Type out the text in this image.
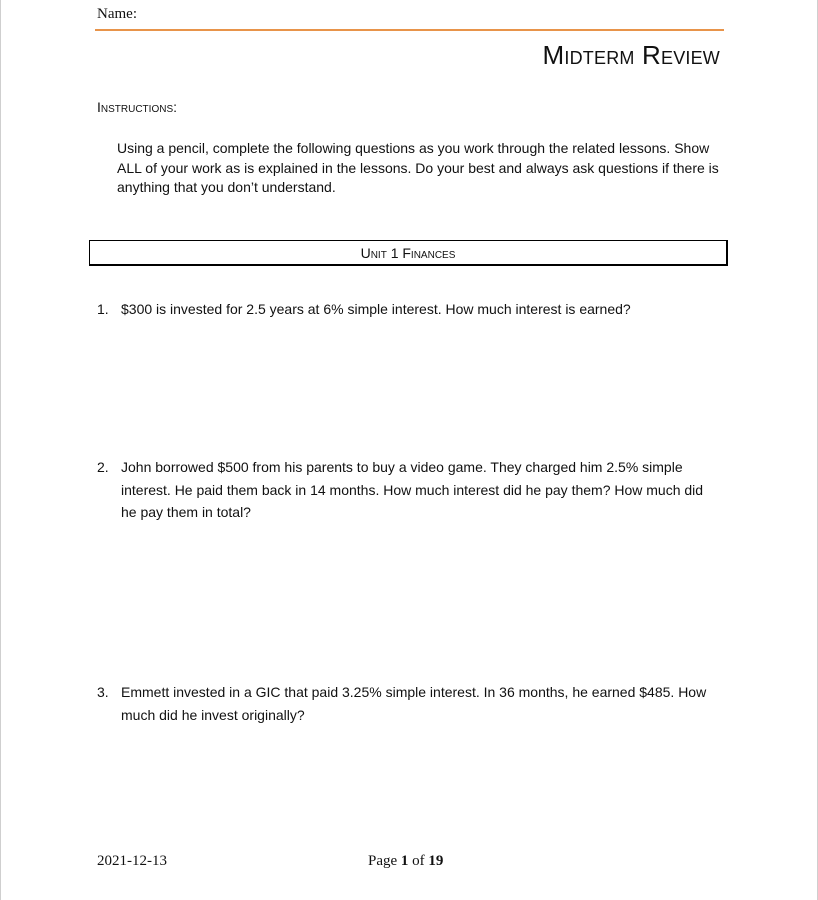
Name:
Midterm Review
Instructions:
Using a pencil, complete the following questions as you work through the related lessons. Show ALL of your work as is explained in the lessons. Do your best and always ask questions if there is anything that you don’t understand.
Unit 1 Finances
1. $300 is invested for 2.5 years at 6% simple interest. How much interest is earned?
2. John borrowed $500 from his parents to buy a video game. They charged him 2.5% simple interest. He paid them back in 14 months. How much interest did he pay them? How much did he pay them in total?
3. Emmett invested in a GIC that paid 3.25% simple interest. In 36 months, he earned $485. How much did he invest originally?
2021-12-13	Page 1 of 19
